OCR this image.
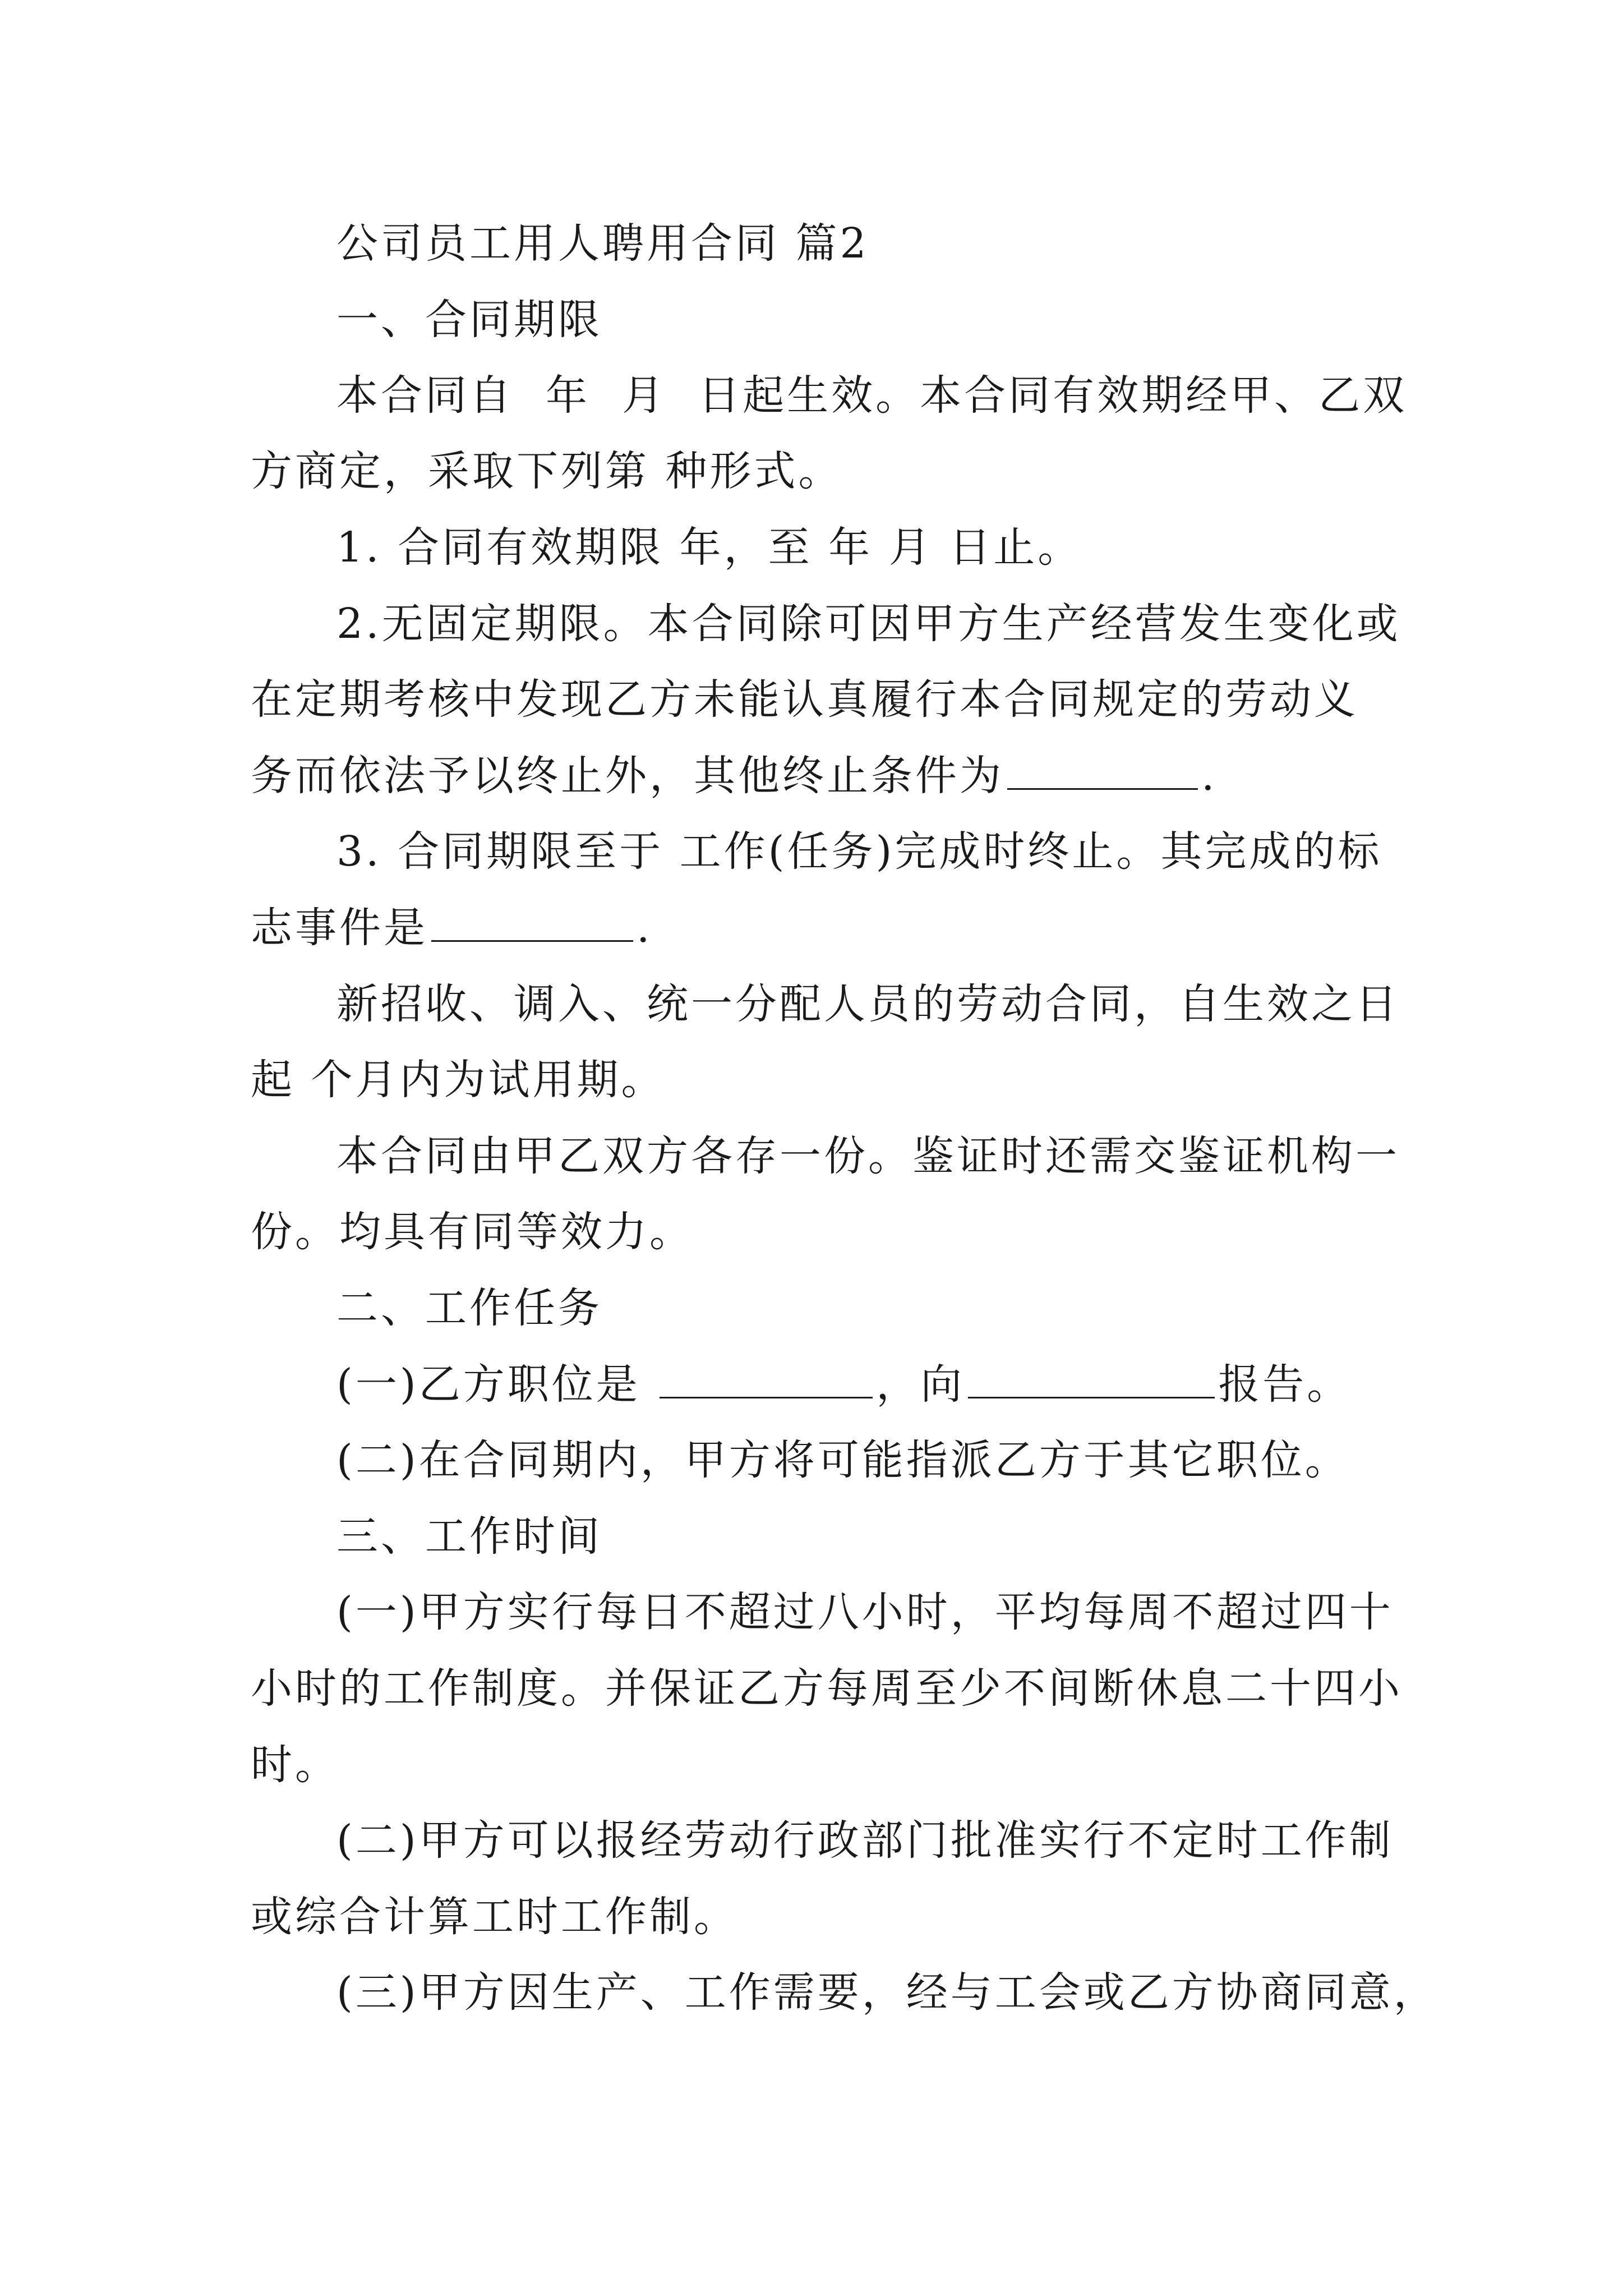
公司员工用人聘用合同 篇2
一、合同期限
本合同自  年  月  日起生效。本合同有效期经甲、乙双
方商定，采取下列第 种形式。
1. 合同有效期限 年，至 年 月 日止。
2.无固定期限。本合同除可因甲方生产经营发生变化或
在定期考核中发现乙方未能认真履行本合同规定的劳动义
务而依法予以终止外，其他终止条件为	.
3. 合同期限至于 工作(任务)完成时终止。其完成的标
志事件是	.
新招收、调入、统一分配人员的劳动合同，自生效之日
起 个月内为试用期。
本合同由甲乙双方各存一份。鉴证时还需交鉴证机构一
份。均具有同等效力。
二、工作任务
(一)乙方职位是	，向	报告。
(二)在合同期内，甲方将可能指派乙方于其它职位。
三、工作时间
(一)甲方实行每日不超过八小时，平均每周不超过四十
小时的工作制度。并保证乙方每周至少不间断休息二十四小
时。
(二)甲方可以报经劳动行政部门批准实行不定时工作制
或综合计算工时工作制。
(三)甲方因生产、工作需要，经与工会或乙方协商同意，
